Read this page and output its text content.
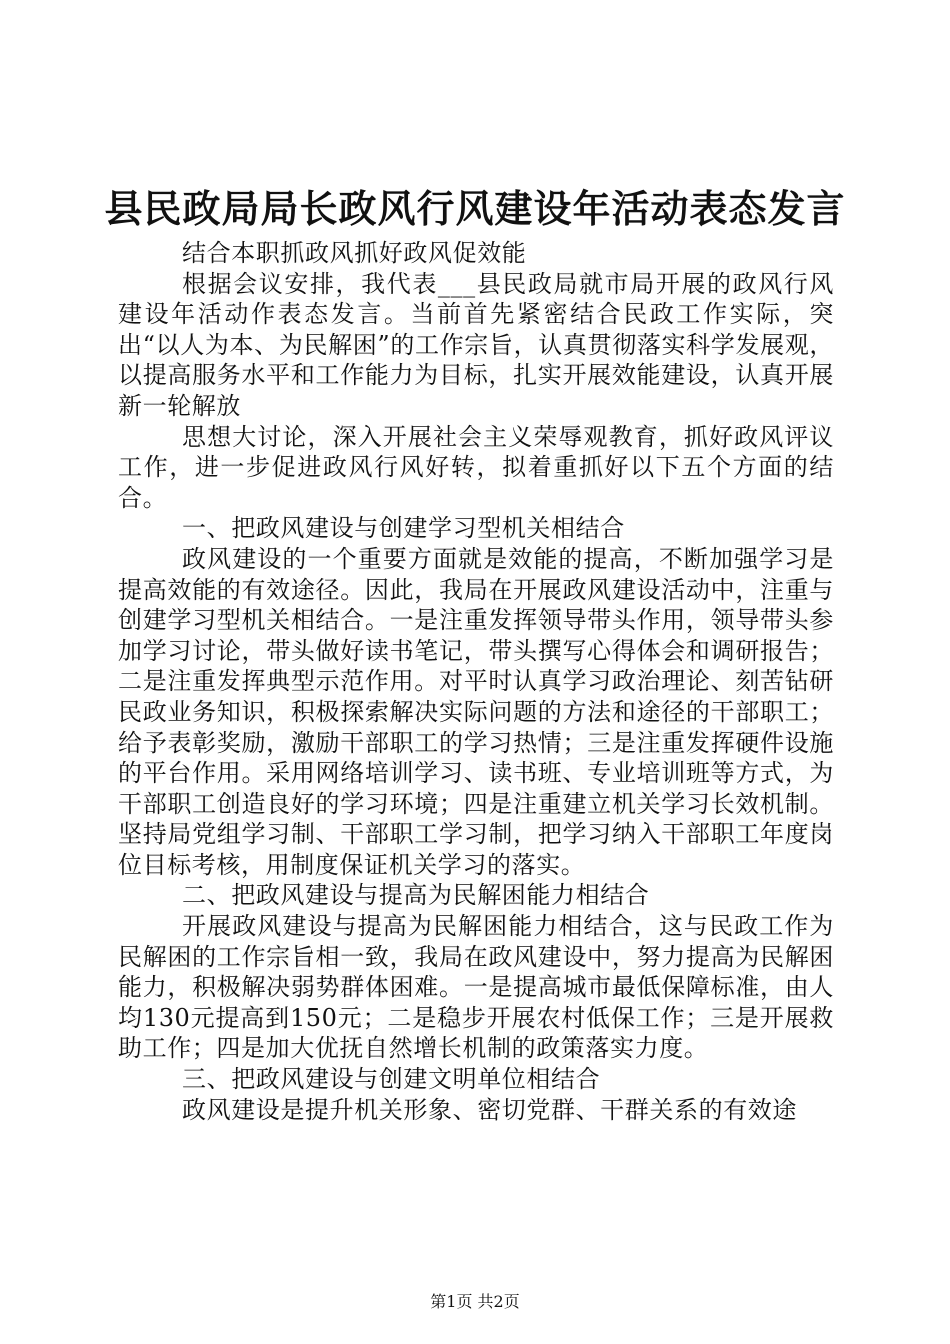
县民政局局长政风行风建设年活动表态发言

结合本职抓政风抓好政风促效能

根据会议安排，我代表___县民政局就市局开展的政风行风建设年活动作表态发言。当前首先紧密结合民政工作实际，突出“以人为本、为民解困”的工作宗旨，认真贯彻落实科学发展观，以提高服务水平和工作能力为目标，扎实开展效能建设，认真开展新一轮解放

思想大讨论，深入开展社会主义荣辱观教育，抓好政风评议工作，进一步促进政风行风好转，拟着重抓好以下五个方面的结合。

一、把政风建设与创建学习型机关相结合

政风建设的一个重要方面就是效能的提高，不断加强学习是提高效能的有效途径。因此，我局在开展政风建设活动中，注重与创建学习型机关相结合。一是注重发挥领导带头作用，领导带头参加学习讨论，带头做好读书笔记，带头撰写心得体会和调研报告；二是注重发挥典型示范作用。对平时认真学习政治理论、刻苦钻研民政业务知识，积极探索解决实际问题的方法和途径的干部职工；给予表彰奖励，激励干部职工的学习热情；三是注重发挥硬件设施的平台作用。采用网络培训学习、读书班、专业培训班等方式，为干部职工创造良好的学习环境；四是注重建立机关学习长效机制。坚持局党组学习制、干部职工学习制，把学习纳入干部职工年度岗位目标考核，用制度保证机关学习的落实。

二、把政风建设与提高为民解困能力相结合

开展政风建设与提高为民解困能力相结合，这与民政工作为民解困的工作宗旨相一致，我局在政风建设中，努力提高为民解困能力，积极解决弱势群体困难。一是提高城市最低保障标准，由人均130元提高到150元；二是稳步开展农村低保工作；三是开展救助工作；四是加大优抚自然增长机制的政策落实力度。

三、把政风建设与创建文明单位相结合

政风建设是提升机关形象、密切党群、干群关系的有效途

第1页 共2页
